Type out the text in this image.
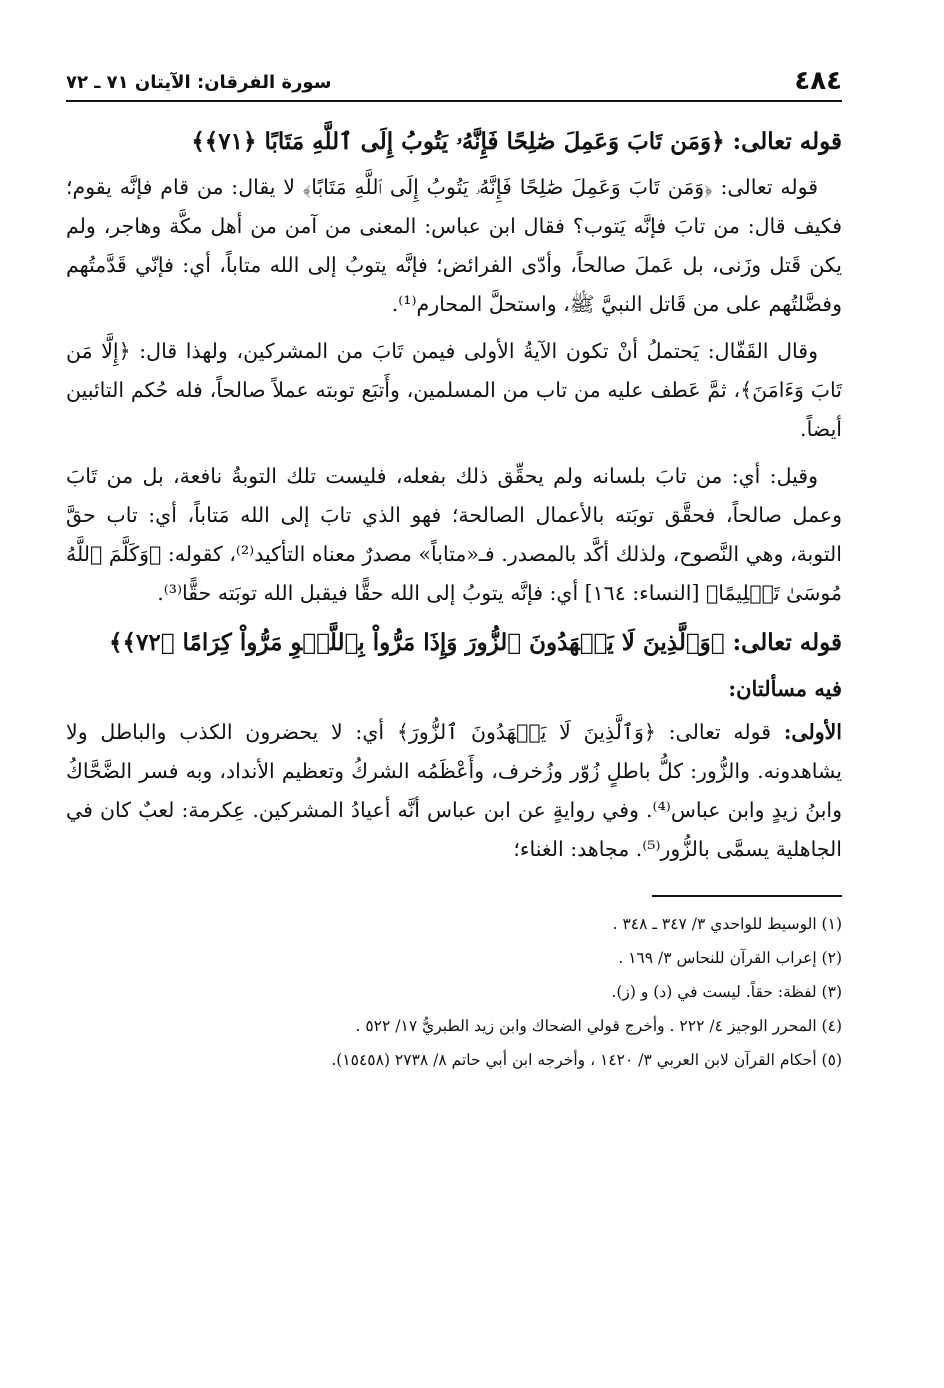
٤٨٤
سورة الفرقان: الآيتان ٧١ ـ ٧٢

قوله تعالى: ﴿وَمَن تَابَ وَعَمِلَ صَٰلِحًا فَإِنَّهُۥ يَتُوبُ إِلَى ٱللَّهِ مَتَابًا ﴿٧١﴾﴾

قوله تعالى: ﴿وَمَن تَابَ وَعَمِلَ صَٰلِحًا فَإِنَّهُۥ يَتُوبُ إِلَى ٱللَّهِ مَتَابًا﴾ لا يقال: من قام فإنَّه يقوم؛ فكيف قال: من تابَ فإنَّه يَتوب؟ فقال ابن عباس: المعنى من آمن من أهل مكَّة وهاجر، ولم يكن قَتل وزَنى، بل عَملَ صالحاً، وأدّى الفرائض؛ فإنَّه يتوبُ إلى الله متاباً، أي: فإنّي قَدَّمتُهم وفضَّلتُهم على من قَاتل النبيَّ ﷺ، واستحلَّ المحارم⁽¹⁾.

وقال القَفّال: يَحتملُ أنْ تكون الآيةُ الأولى فيمن تَابَ من المشركين، ولهذا قال: ﴿إِلَّا مَن تَابَ وَءَامَنَ﴾، ثمَّ عَطف عليه من تاب من المسلمين، وأَتبَع توبته عملاً صالحاً، فله حُكم التائبين أيضاً.

وقيل: أي: من تابَ بلسانه ولم يحقِّق ذلك بفعله، فليست تلك التوبةُ نافعة، بل من تَابَ وعمل صالحاً، فحقَّق توبَته بالأعمال الصالحة؛ فهو الذي تابَ إلى الله مَتاباً، أي: تاب حقَّ التوبة، وهي النَّصوح، ولذلك أكَّد بالمصدر. فـ«متاباً» مصدرٌ معناه التأكيد⁽²⁾، كقوله: ﴿وَكَلَّمَ ٱللَّهُ مُوسَىٰ تَكۡلِيمًا﴾ [النساء: ١٦٤] أي: فإنَّه يتوبُ إلى الله حقًّا فيقبل الله توبَته حقًّا⁽³⁾.

قوله تعالى: ﴿وَٱلَّذِينَ لَا يَشۡهَدُونَ ٱلزُّورَ وَإِذَا مَرُّواْ بِٱللَّغۡوِ مَرُّواْ كِرَامًا ﴿٧٢﴾﴾

فيه مسألتان:

الأولى: قوله تعالى: ﴿وَٱلَّذِينَ لَا يَشۡهَدُونَ ٱلزُّورَ﴾ أي: لا يحضرون الكذب والباطل ولا يشاهدونه. والزُّور: كلُّ باطلٍ زُوّر وزُخرف، وأَعْظَمُه الشركُ وتعظيم الأنداد، وبه فسر الضَّحَّاكُ وابنُ زيدٍ وابن عباس⁽⁴⁾. وفي روايةٍ عن ابن عباس أنَّه أعيادُ المشركين. عِكرمة: لعبٌ كان في الجاهلية يسمَّى بالزُّور⁽⁵⁾. مجاهد: الغناء؛

(١) الوسيط للواحدي ٣/ ٣٤٧ ـ ٣٤٨ .

(٢) إعراب القرآن للنحاس ٣/ ١٦٩ .

(٣) لفظة: حقاً. ليست في (د) و (ز).

(٤) المحرر الوجيز ٤/ ٢٢٢ . وأخرج قولي الضحاك وابن زيد الطبريُّ ١٧/ ٥٢٢ .

(٥) أحكام القرآن لابن العربي ٣/ ١٤٢٠ ، وأخرجه ابن أبي حاتم ٨/ ٢٧٣٨ (١٥٤٥٨).
